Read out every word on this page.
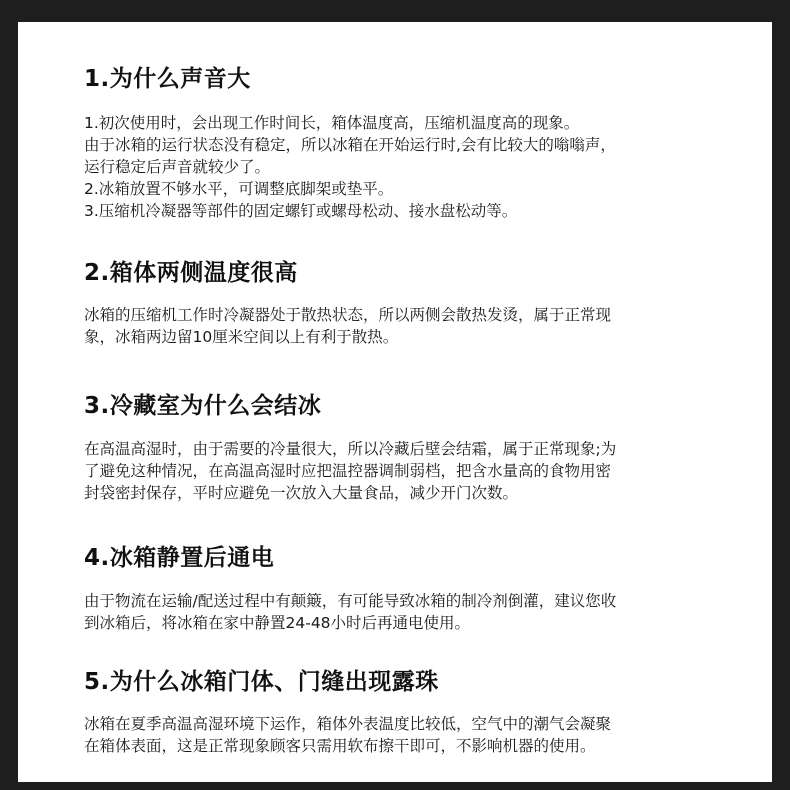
1.为什么声音大
1.初次使用时，会出现工作时间长，箱体温度高，压缩机温度高的现象。
由于冰箱的运行状态没有稳定，所以冰箱在开始运行时,会有比较大的嗡嗡声，
运行稳定后声音就较少了。
2.冰箱放置不够水平，可调整底脚架或垫平。
3.压缩机冷凝器等部件的固定螺钉或螺母松动、接水盘松动等。
2.箱体两侧温度很高
冰箱的压缩机工作时冷凝器处于散热状态，所以两侧会散热发烫，属于正常现
象，冰箱两边留10厘米空间以上有利于散热。
3.冷藏室为什么会结冰
在高温高湿时，由于需要的冷量很大，所以冷藏后壁会结霜，属于正常现象;为
了避免这种情况，在高温高湿时应把温控器调制弱档，把含水量高的食物用密
封袋密封保存，平时应避免一次放入大量食品，减少开门次数。
4.冰箱静置后通电
由于物流在运输/配送过程中有颠簸，有可能导致冰箱的制冷剂倒灌，建议您收
到冰箱后，将冰箱在家中静置24-48小时后再通电使用。
5.为什么冰箱门体、门缝出现露珠
冰箱在夏季高温高湿环境下运作，箱体外表温度比较低，空气中的潮气会凝聚
在箱体表面，这是正常现象顾客只需用软布擦干即可，不影响机器的使用。
